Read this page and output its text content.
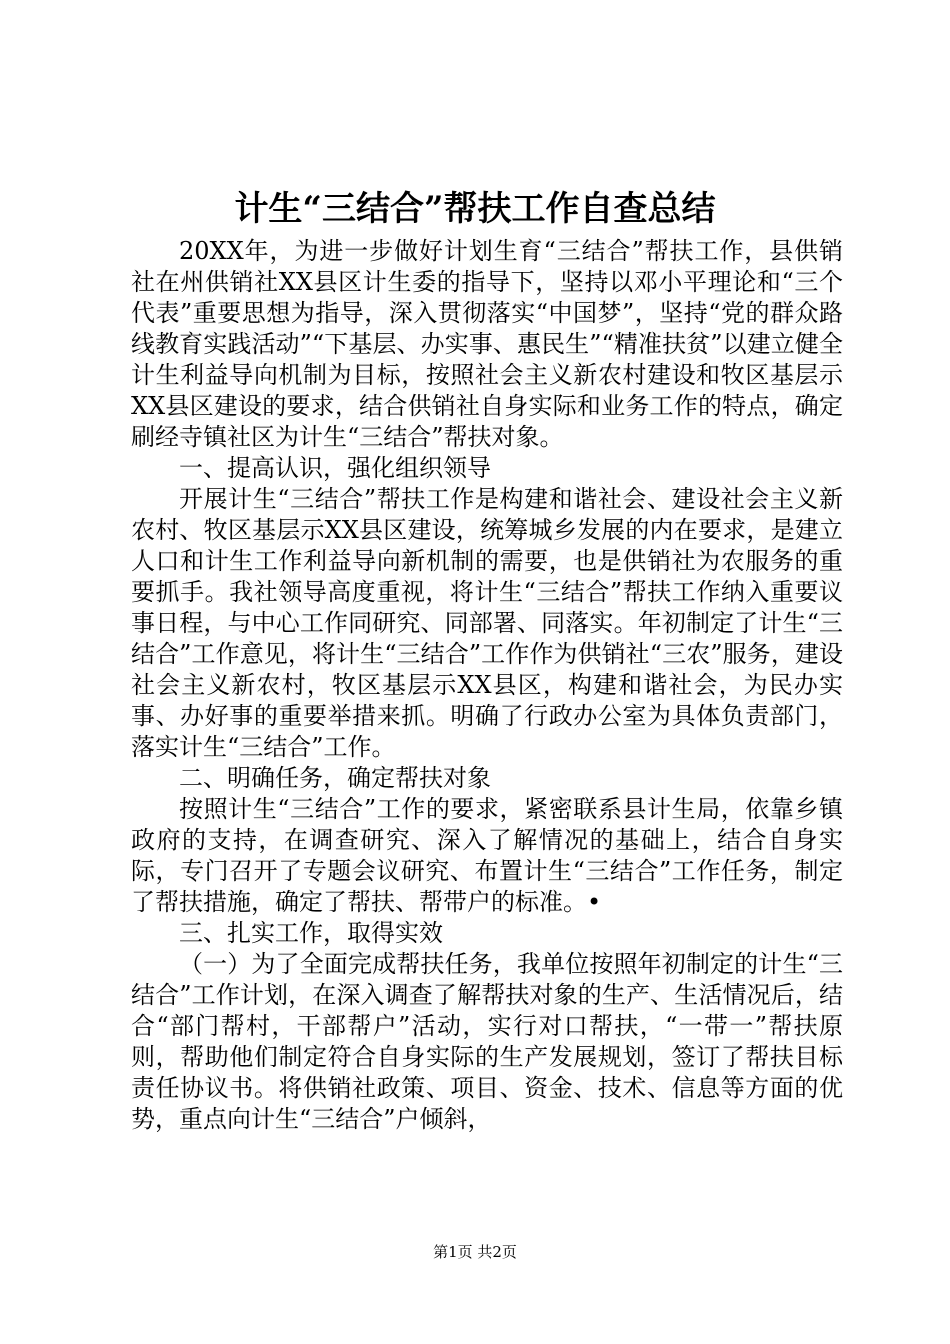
计生“三结合”帮扶工作自查总结

20XX年，为进一步做好计划生育“三结合”帮扶工作，县供销社在州供销社XX县区计生委的指导下，坚持以邓小平理论和“三个代表”重要思想为指导，深入贯彻落实“中国梦”，坚持“党的群众路线教育实践活动”“下基层、办实事、惠民生”“精准扶贫”以建立健全计生利益导向机制为目标，按照社会主义新农村建设和牧区基层示XX县区建设的要求，结合供销社自身实际和业务工作的特点，确定刷经寺镇社区为计生“三结合”帮扶对象。

一、提高认识，强化组织领导

开展计生“三结合”帮扶工作是构建和谐社会、建设社会主义新农村、牧区基层示XX县区建设，统筹城乡发展的内在要求，是建立人口和计生工作利益导向新机制的需要，也是供销社为农服务的重要抓手。我社领导高度重视，将计生“三结合”帮扶工作纳入重要议事日程，与中心工作同研究、同部署、同落实。年初制定了计生“三结合”工作意见，将计生“三结合”工作作为供销社“三农”服务，建设社会主义新农村，牧区基层示XX县区，构建和谐社会，为民办实事、办好事的重要举措来抓。明确了行政办公室为具体负责部门，落实计生“三结合”工作。

二、明确任务，确定帮扶对象

按照计生“三结合”工作的要求，紧密联系县计生局，依靠乡镇政府的支持，在调查研究、深入了解情况的基础上，结合自身实际，专门召开了专题会议研究、布置计生“三结合”工作任务，制定了帮扶措施，确定了帮扶、帮带户的标准。•

三、扎实工作，取得实效

（一）为了全面完成帮扶任务，我单位按照年初制定的计生“三结合”工作计划，在深入调查了解帮扶对象的生产、生活情况后，结合“部门帮村，干部帮户”活动，实行对口帮扶，“一带一”帮扶原则，帮助他们制定符合自身实际的生产发展规划，签订了帮扶目标责任协议书。将供销社政策、项目、资金、技术、信息等方面的优势，重点向计生“三结合”户倾斜，

第1页 共2页
